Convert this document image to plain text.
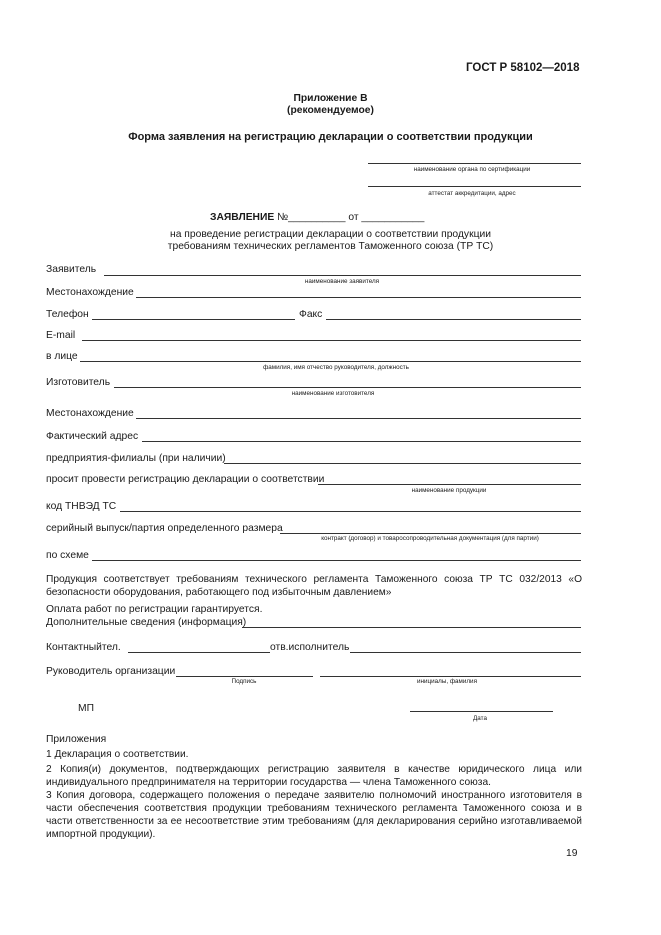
ГОСТ Р 58102—2018
Приложение В
(рекомендуемое)
Форма заявления на регистрацию декларации о соответствии продукции
наименование органа по сертификации
аттестат аккредитации, адрес
ЗАЯВЛЕНИЕ №__________ от ___________
на проведение регистрации декларации о соответствии продукции
требованиям технических регламентов Таможенного союза (ТР ТС)
Заявитель
наименование заявителя
Местонахождение
Телефон	Факс
E-mail
в лице
фамилия, имя отчество руководителя, должность
Изготовитель
наименование изготовителя
Местонахождение
Фактический адрес
предприятия-филиалы (при наличии)
просит провести регистрацию декларации о соответствии
наименование продукции
код ТНВЭД ТС
серийный выпуск/партия определенного размера
контракт (договор) и товаросопроводительная документация (для партии)
по схеме
Продукция соответствует требованиям технического регламента Таможенного союза ТР ТС 032/2013 «О безопасности оборудования, работающего под избыточным давлением»
Оплата работ по регистрации гарантируется.
Дополнительные сведения (информация)
Контактныйтел.	отв.исполнитель
Руководитель организации
Подпись	инициалы, фамилия
МП
Дата
Приложения
1 Декларация о соответствии.
2 Копия(и) документов, подтверждающих регистрацию заявителя в качестве юридического лица или индивидуального предпринимателя на территории государства — члена Таможенного союза.
3 Копия договора, содержащего положения о передаче заявителю полномочий иностранного изготовителя в части обеспечения соответствия продукции требованиям технического регламента Таможенного союза и в части ответственности за ее несоответствие этим требованиям (для декларирования серийно изготавливаемой импортной продукции).
19
